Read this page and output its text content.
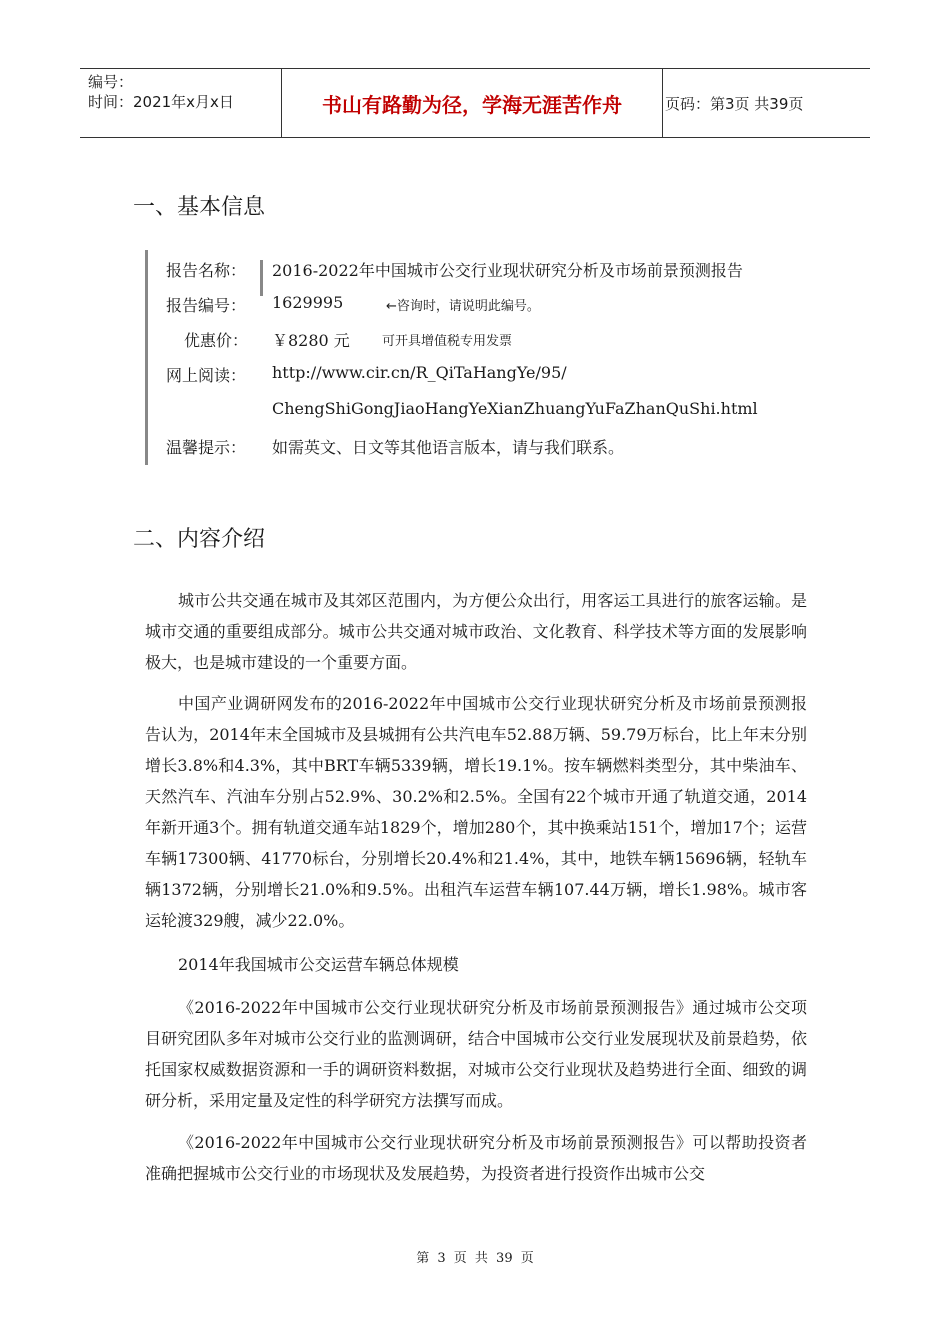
编号：
时间：2021年x月x日	书山有路勤为径，学海无涯苦作舟	页码：第3页 共39页
一、基本信息
报告名称：	2016-2022年中国城市公交行业现状研究分析及市场前景预测报告
报告编号：	1629995	←咨询时，请说明此编号。
优惠价：	￥8280 元 可开具增值税专用发票
网上阅读：	http://www.cir.cn/R_QiTaHangYe/95/
ChengShiGongJiaoHangYeXianZhuangYuFaZhanQuShi.html
温馨提示：	如需英文、日文等其他语言版本，请与我们联系。
二、内容介绍

城市公共交通在城市及其郊区范围内，为方便公众出行，用客运工具进行的旅客运输。是城市交通的重要组成部分。城市公共交通对城市政治、文化教育、科学技术等方面的发展影响极大，也是城市建设的一个重要方面。

中国产业调研网发布的2016-2022年中国城市公交行业现状研究分析及市场前景预测报告认为，2014年末全国城市及县城拥有公共汽电车52.88万辆、59.79万标台，比上年末分别增长3.8%和4.3%，其中BRT车辆5339辆，增长19.1%。按车辆燃料类型分，其中柴油车、天然汽车、汽油车分别占52.9%、30.2%和2.5%。全国有22个城市开通了轨道交通，2014年新开通3个。拥有轨道交通车站1829个，增加280个，其中换乘站151个，增加17个；运营车辆17300辆、41770标台，分别增长20.4%和21.4%，其中，地铁车辆15696辆，轻轨车辆1372辆，分别增长21.0%和9.5%。出租汽车运营车辆107.44万辆，增长1.98%。城市客运轮渡329艘，减少22.0%。

2014年我国城市公交运营车辆总体规模

《2016-2022年中国城市公交行业现状研究分析及市场前景预测报告》通过城市公交项目研究团队多年对城市公交行业的监测调研，结合中国城市公交行业发展现状及前景趋势，依托国家权威数据资源和一手的调研资料数据，对城市公交行业现状及趋势进行全面、细致的调研分析，采用定量及定性的科学研究方法撰写而成。

《2016-2022年中国城市公交行业现状研究分析及市场前景预测报告》可以帮助投资者准确把握城市公交行业的市场现状及发展趋势，为投资者进行投资作出城市公交

第 3 页 共 39 页
